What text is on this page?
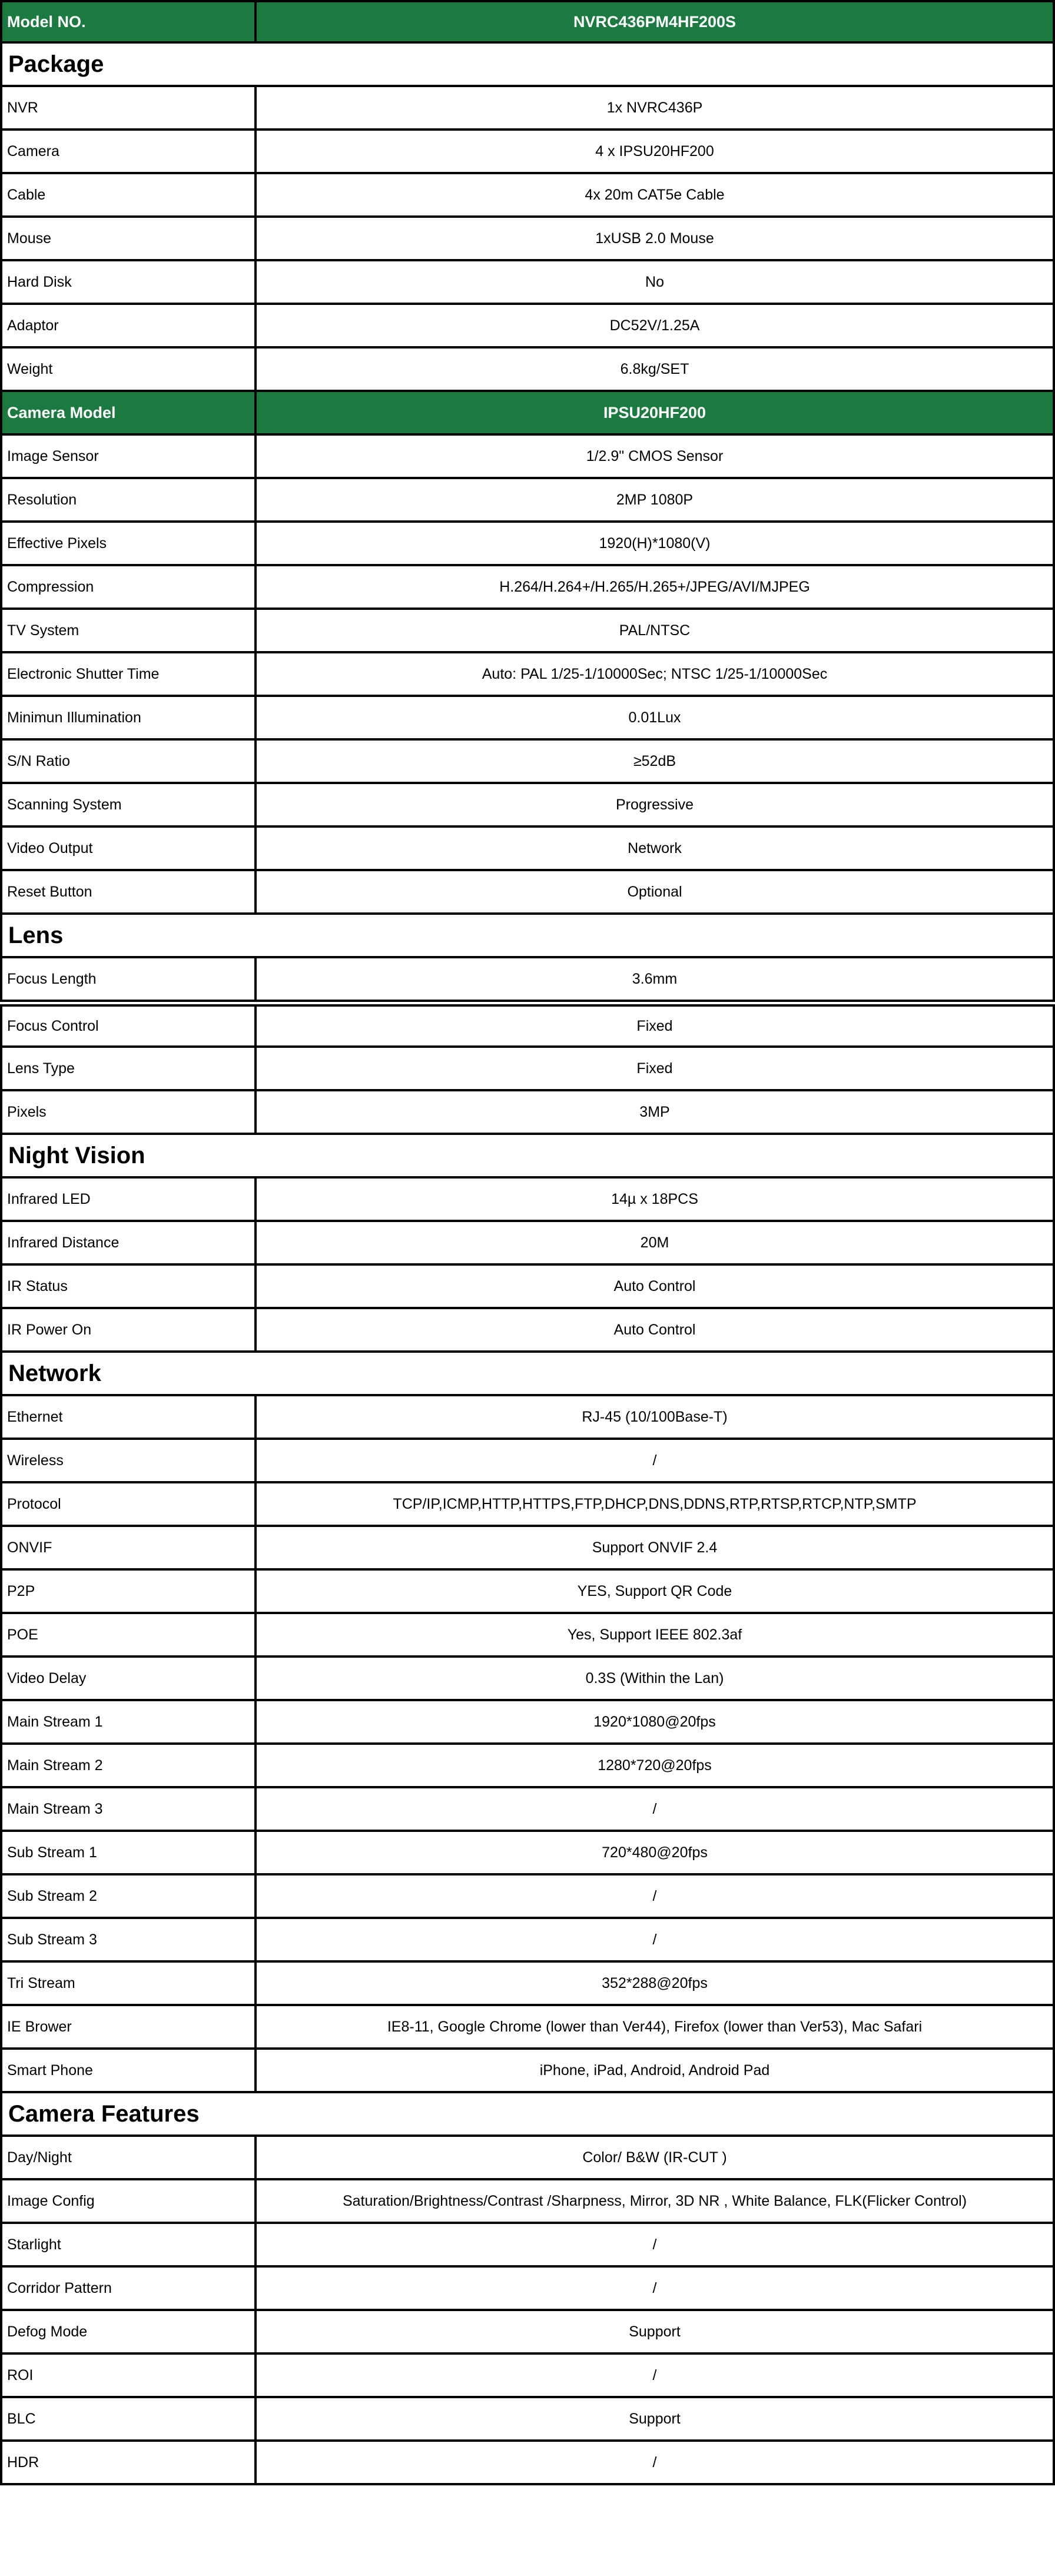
Model NO.	NVRC436PM4HF200S
Package
NVR	1x NVRC436P
Camera	4 x IPSU20HF200
Cable	4x 20m CAT5e Cable
Mouse	1xUSB 2.0 Mouse
Hard Disk	No
Adaptor	DC52V/1.25A
Weight	6.8kg/SET
Camera Model	IPSU20HF200
Image Sensor	1/2.9" CMOS Sensor
Resolution	2MP 1080P
Effective Pixels	1920(H)*1080(V)
Compression	H.264/H.264+/H.265/H.265+/JPEG/AVI/MJPEG
TV System	PAL/NTSC
Electronic Shutter Time	Auto: PAL 1/25-1/10000Sec; NTSC 1/25-1/10000Sec
Minimun Illumination	0.01Lux
S/N Ratio	≥52dB
Scanning System	Progressive
Video Output	Network
Reset Button	Optional
Lens
Focus Length	3.6mm
Focus Control	Fixed
Lens Type	Fixed
Pixels	3MP
Night Vision
Infrared LED	14µ x 18PCS
Infrared Distance	20M
IR Status	Auto Control
IR Power On	Auto Control
Network
Ethernet	RJ-45 (10/100Base-T)
Wireless	/
Protocol	TCP/IP,ICMP,HTTP,HTTPS,FTP,DHCP,DNS,DDNS,RTP,RTSP,RTCP,NTP,SMTP
ONVIF	Support ONVIF 2.4
P2P	YES, Support QR Code
POE	Yes, Support IEEE 802.3af
Video Delay	0.3S (Within the Lan)
Main Stream 1	1920*1080@20fps
Main Stream 2	1280*720@20fps
Main Stream 3	/
Sub Stream 1	720*480@20fps
Sub Stream 2	/
Sub Stream 3	/
Tri Stream	352*288@20fps
IE Brower	IE8-11, Google Chrome (lower than Ver44), Firefox (lower than Ver53), Mac Safari
Smart Phone	iPhone, iPad, Android, Android Pad
Camera Features
Day/Night	Color/ B&W (IR-CUT )
Image Config	Saturation/Brightness/Contrast /Sharpness, Mirror, 3D NR , White Balance, FLK(Flicker Control)
Starlight	/
Corridor Pattern	/
Defog Mode	Support
ROI	/
BLC	Support
HDR	/
